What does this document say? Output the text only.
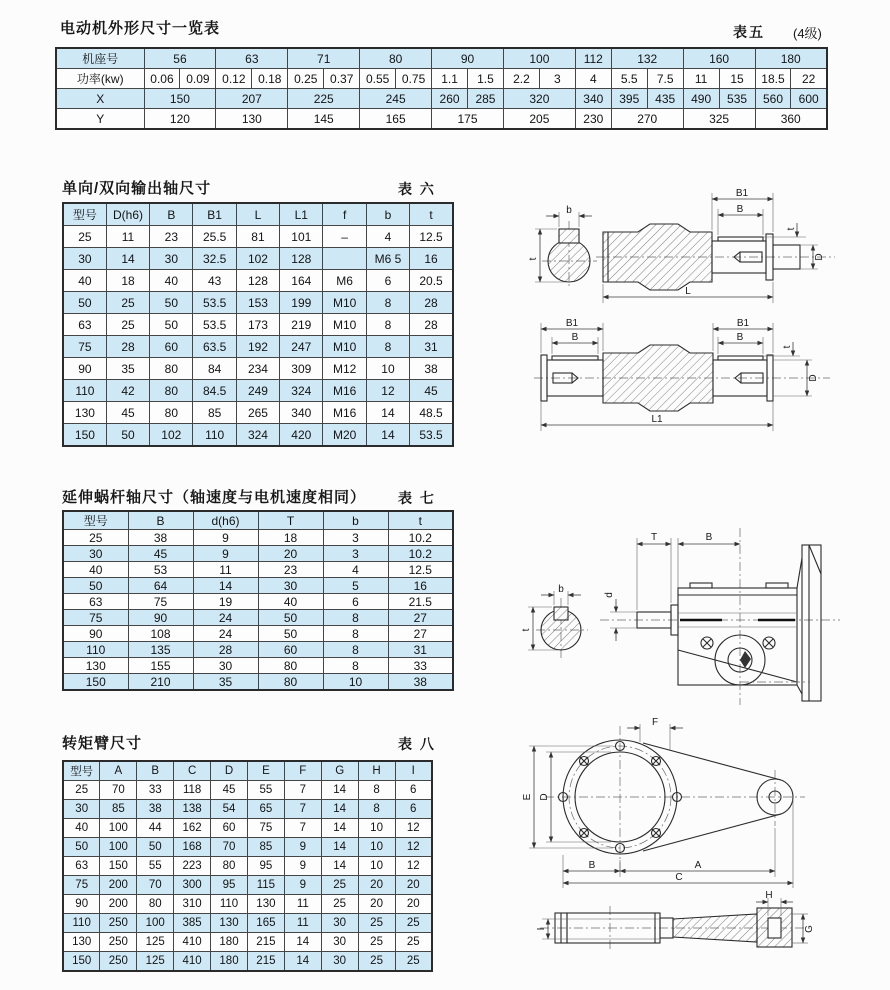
电动机外形尺寸一览表	表五 (4级)
机座号	56		63		71		80		90		100		112	132		160		180	
功率(kw)	0.06	0.09	0.12	0.18	0.25	0.37	0.55	0.75	1.1	1.5	2.2	3	4	5.5	7.5	11	15	18.5	22
X	150		207		225		245		260	285	320		340	395	435	490	535	560	600
Y	120		130		145		165		175		205		230	270		325		360	
单向/双向输出轴尺寸	表 六
型号	D(h6)	B	B1	L	L1	f	b	t
25	11	23	25.5	81	101	–	4	12.5
30	14	30	32.5	102	128		M6 5	16
40	18	40	43	128	164	M6	6	20.5
50	25	50	53.5	153	199	M10	8	28
63	25	50	53.5	173	219	M10	8	28
75	28	60	63.5	192	247	M10	8	31
90	35	80	84	234	309	M12	10	38
110	42	80	84.5	249	324	M16	12	45
130	45	80	85	265	340	M16	14	48.5
150	50	102	110	324	420	M20	14	53.5
b
t
B1
B
L
D
t
B1
B
B1
B
L1
D
t
延伸蜗杆轴尺寸（轴速度与电机速度相同） 表 七
型号	B	d(h6)	T	b	t
25	38	9	18	3	10.2
30	45	9	20	3	10.2
40	53	11	23	4	12.5
50	64	14	30	5	16
63	75	19	40	6	21.5
75	90	24	50	8	27
90	108	24	50	8	27
110	135	28	60	8	31
130	155	30	80	8	33
150	210	35	80	10	38
b
t
T	B
d
转矩臂尺寸	表 八
型号	A	B	C	D	E	F	G	H	I
25	70	33	118	45	55	7	14	8	6
30	85	38	138	54	65	7	14	8	6
40	100	44	162	60	75	7	14	10	12
50	100	50	168	70	85	9	14	10	12
63	150	55	223	80	95	9	14	10	12
75	200	70	300	95	115	9	25	20	20
90	200	80	310	110	130	11	25	20	20
110	250	100	385	130	165	11	30	25	25
130	250	125	410	180	215	14	30	25	25
150	250	125	410	180	215	14	30	25	25
E D
F
B	A
C
H
G
I
